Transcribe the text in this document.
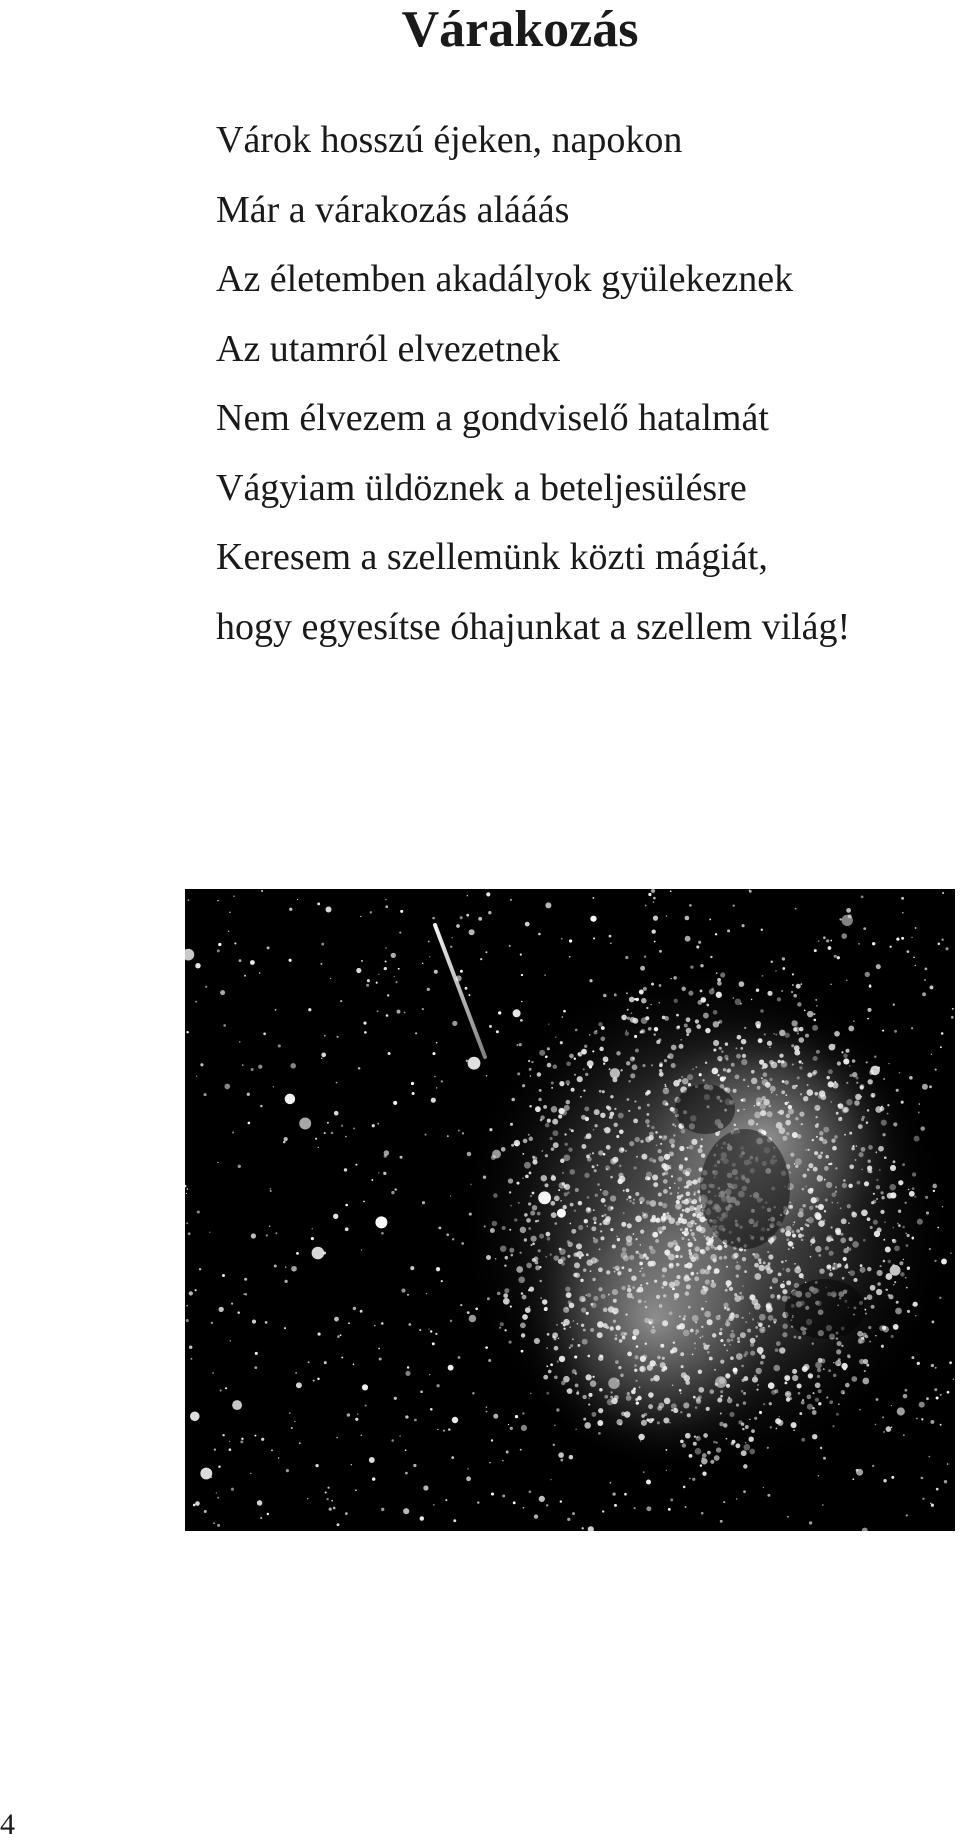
Várakozás
Várok hosszú éjeken, napokon
Már a várakozás alááás
Az életemben akadályok gyülekeznek
Az utamról elvezetnek
Nem élvezem a gondviselő hatalmát
Vágyiam üldöznek a beteljesülésre
Keresem a szellemünk közti mágiát,
hogy egyesítse óhajunkat a szellem világ!
4
